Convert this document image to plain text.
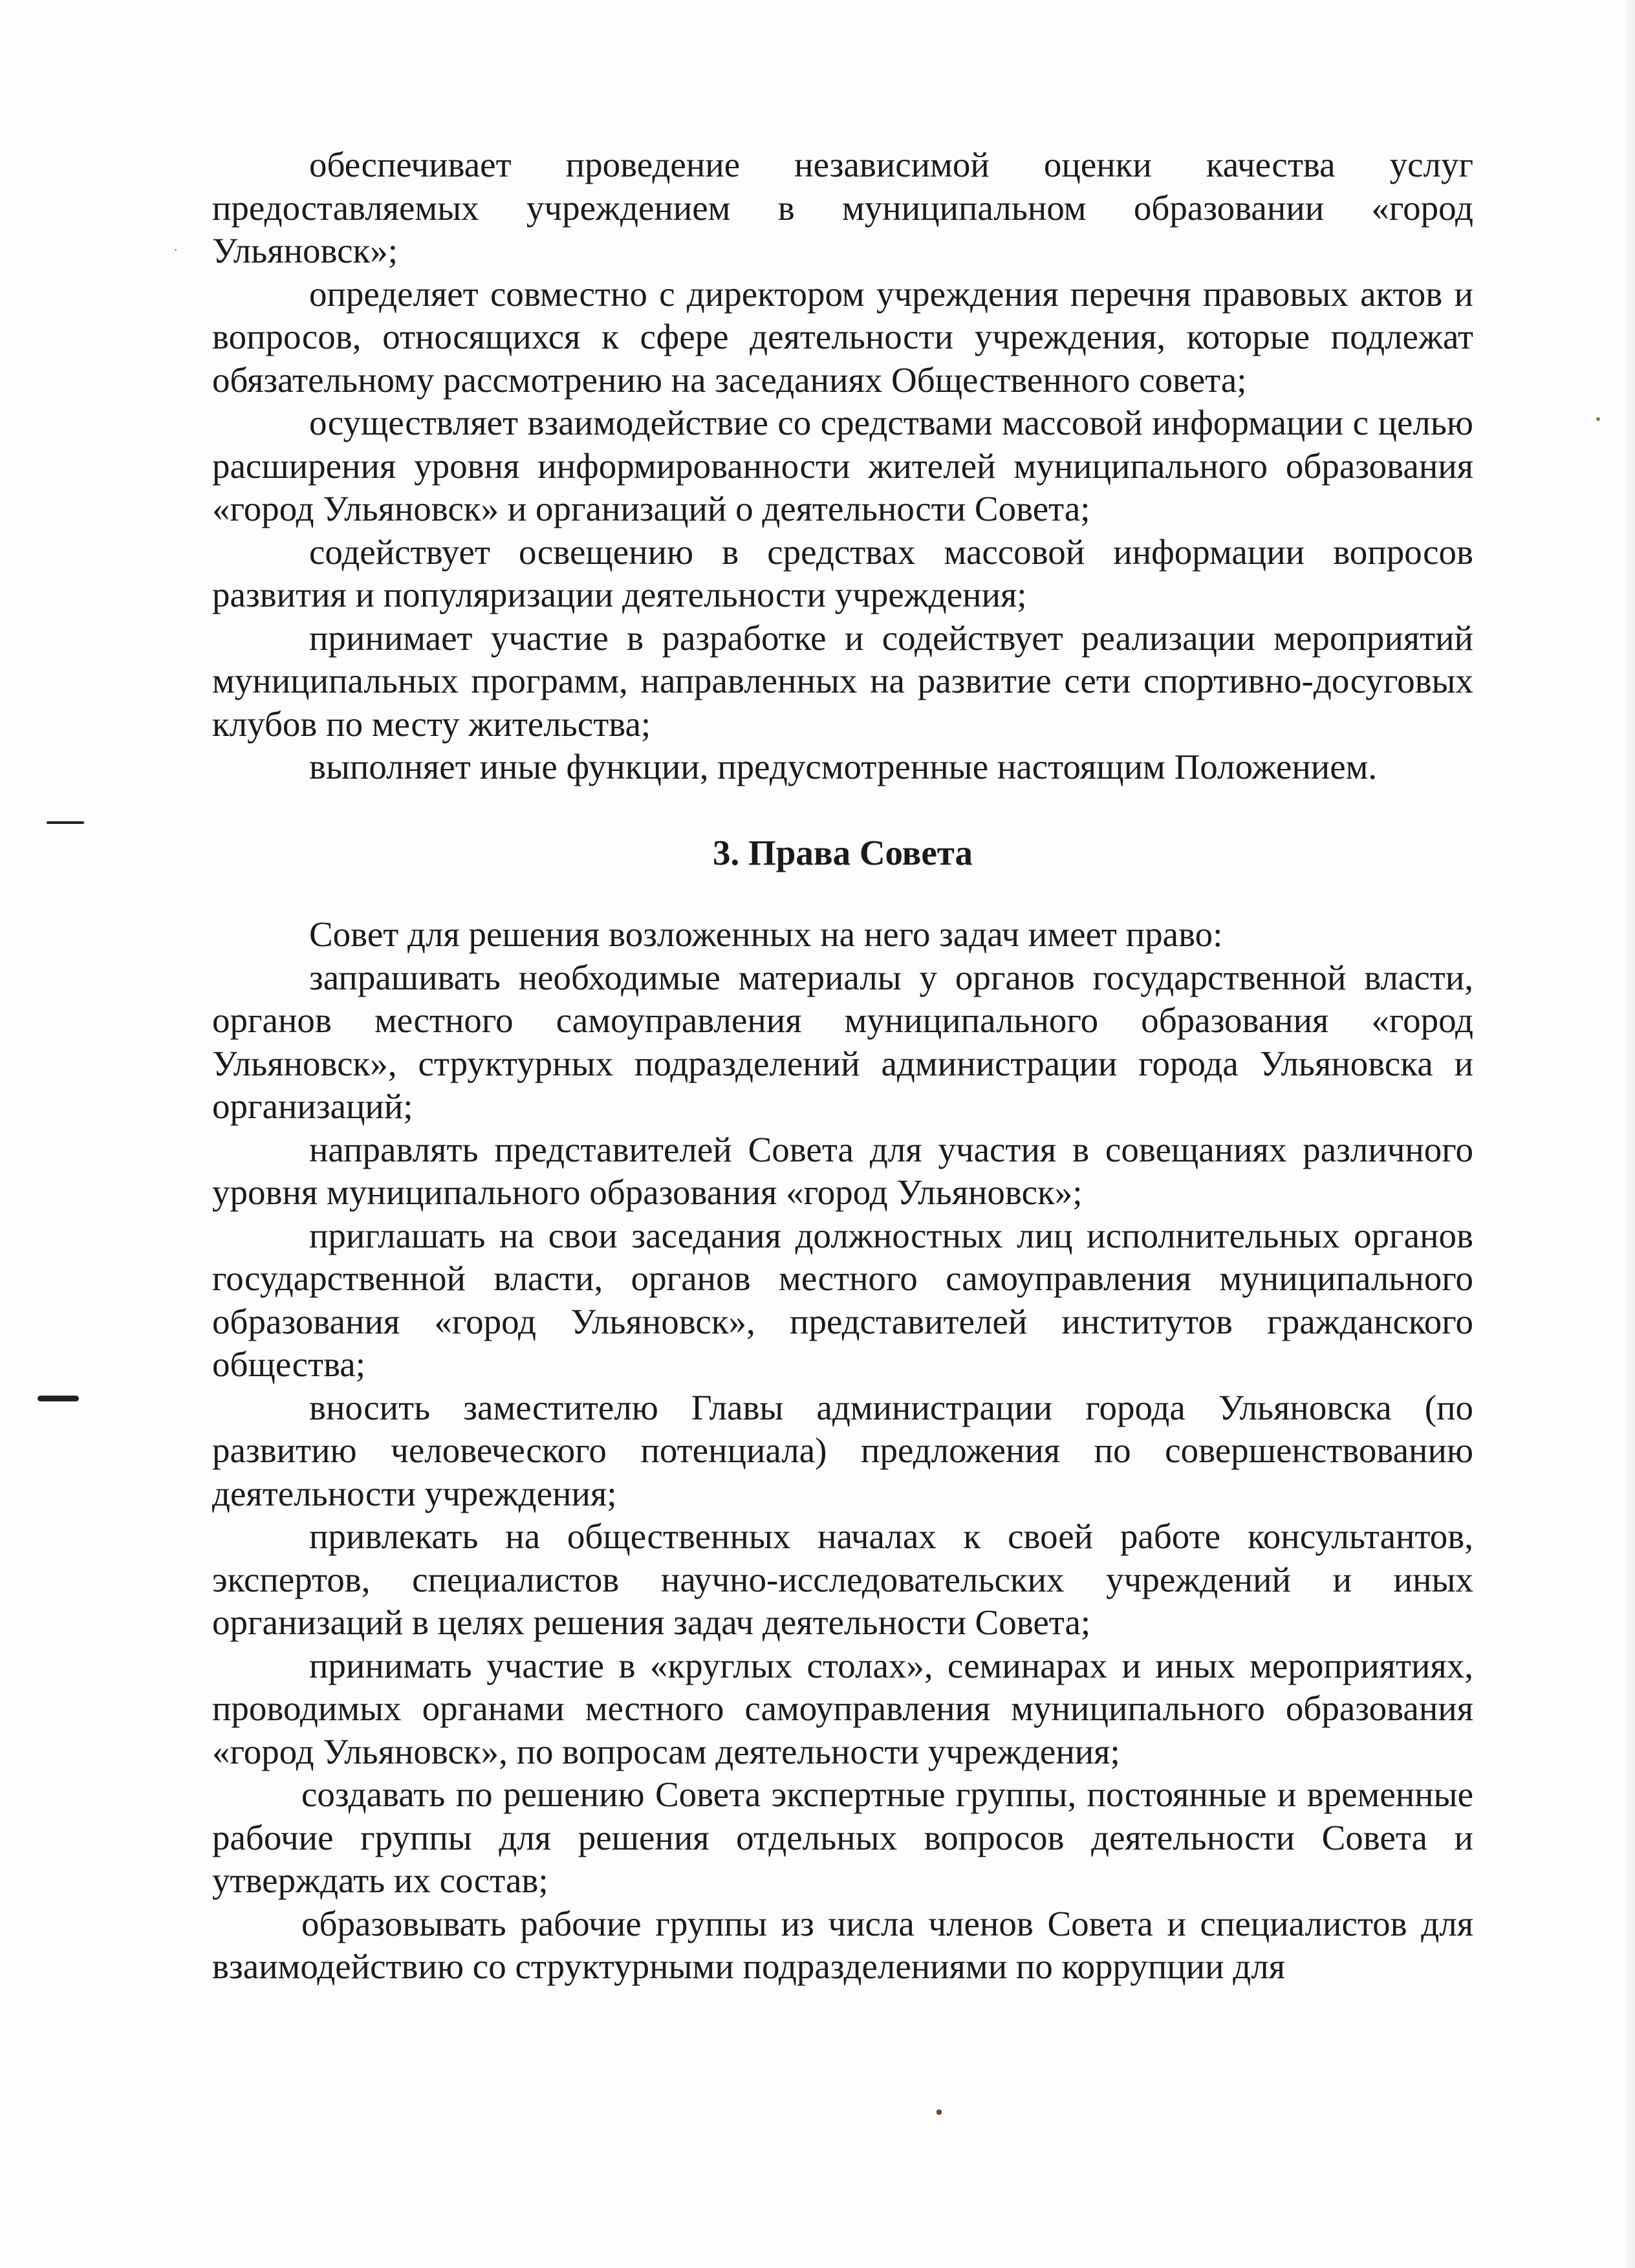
обеспечивает проведение независимой оценки качества услуг предоставляемых учреждением в муниципальном образовании «город Ульяновск»;

определяет совместно с директором учреждения перечня правовых актов и вопросов, относящихся к сфере деятельности учреждения, которые подлежат обязательному рассмотрению на заседаниях Общественного совета;

осуществляет взаимодействие со средствами массовой информации с целью расширения уровня информированности жителей муниципального образования «город Ульяновск» и организаций о деятельности Совета;

содействует освещению в средствах массовой информации вопросов развития и популяризации деятельности учреждения;

принимает участие в разработке и содействует реализации мероприятий муниципальных программ, направленных на развитие сети спортивно-досуговых клубов по месту жительства;

выполняет иные функции, предусмотренные настоящим Положением.

3. Права Совета

Совет для решения возложенных на него задач имеет право:

запрашивать необходимые материалы у органов государственной власти, органов местного самоуправления муниципального образования «город Ульяновск», структурных подразделений администрации города Ульяновска и организаций;

направлять представителей Совета для участия в совещаниях различного уровня муниципального образования «город Ульяновск»;

приглашать на свои заседания должностных лиц исполнительных органов государственной власти, органов местного самоуправления муниципального образования «город Ульяновск», представителей институтов гражданского общества;

вносить заместителю Главы администрации города Ульяновска (по развитию человеческого потенциала) предложения по совершенствованию деятельности учреждения;

привлекать на общественных началах к своей работе консультантов, экспертов, специалистов научно-исследовательских учреждений и иных организаций в целях решения задач деятельности Совета;

принимать участие в «круглых столах», семинарах и иных мероприятиях, проводимых органами местного самоуправления муниципального образования «город Ульяновск», по вопросам деятельности учреждения;

создавать по решению Совета экспертные группы, постоянные и временные рабочие группы для решения отдельных вопросов деятельности Совета и утверждать их состав;

образовывать рабочие группы из числа членов Совета и специалистов для взаимодействию со структурными подразделениями по коррупции для
